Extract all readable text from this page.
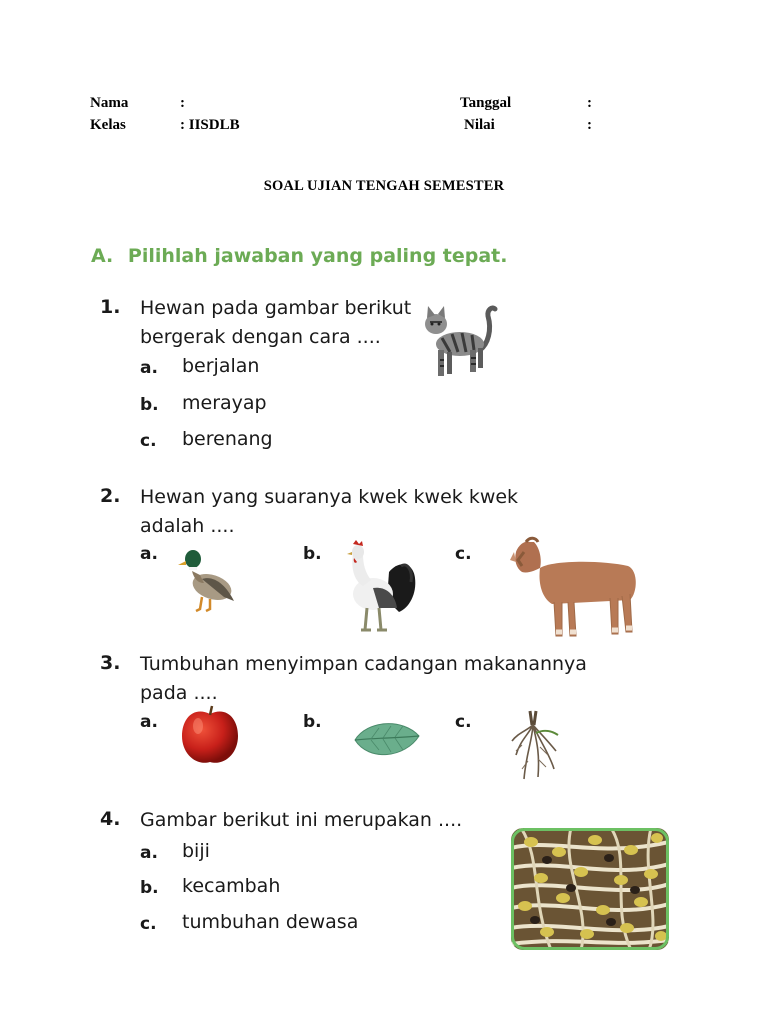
Nama	:
Kelas	: IISDLB
Tanggal	:
Nilai	:
SOAL UJIAN TENGAH SEMESTER
A. Pilihlah jawaban yang paling tepat.
1. Hewan pada gambar berikut
bergerak dengan cara ....
a. berjalan
b. merayap
c. berenang
2. Hewan yang suaranya kwek kwek kwek
adalah ....
a.	b.	c.
3. Tumbuhan menyimpan cadangan makanannya
pada ....
a.	b.	c.
4. Gambar berikut ini merupakan ....
a. biji
b. kecambah
c. tumbuhan dewasa
